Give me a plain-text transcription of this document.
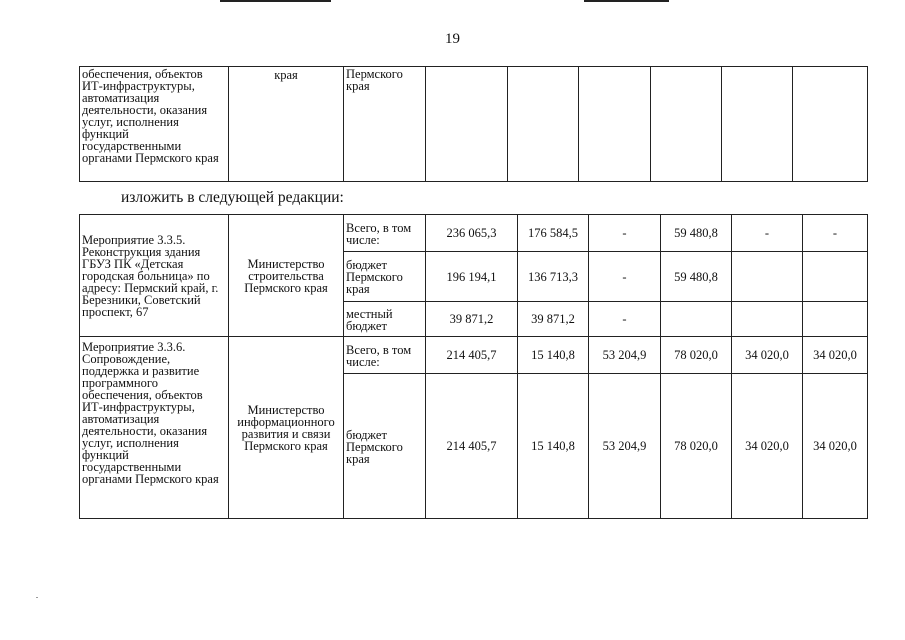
19
обеспечения, объектов ИТ-инфраструктуры, автоматизация деятельности, оказания услуг, исполнения функций государственными органами Пермского края	края	Пермского края						
изложить в следующей редакции:
Мероприятие 3.3.5. Реконструкция здания ГБУЗ ПК «Детская городская больница» по адресу: Пермский край, г. Березники, Советский проспект, 67	Министерство строительства Пермского края	Всего, в том числе:	236 065,3	176 584,5	-	59 480,8	-	-
		бюджет Пермского края	196 194,1	136 713,3	-	59 480,8		
		местный бюджет	39 871,2	39 871,2	-			
Мероприятие 3.3.6. Сопровождение, поддержка и развитие программного обеспечения, объектов ИТ-инфраструктуры, автоматизация деятельности, оказания услуг, исполнения функций государственными органами Пермского края	Министерство информационного развития и связи Пермского края	Всего, в том числе:	214 405,7	15 140,8	53 204,9	78 020,0	34 020,0	34 020,0
		бюджет Пермского края	214 405,7	15 140,8	53 204,9	78 020,0	34 020,0	34 020,0
